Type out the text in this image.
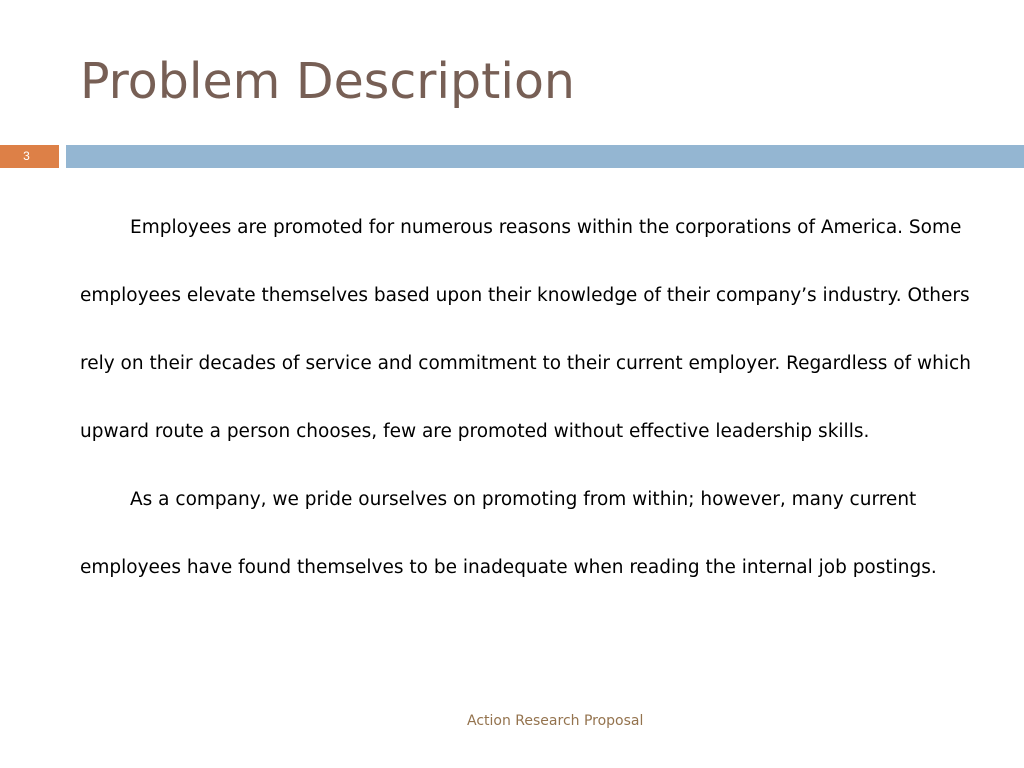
Problem Description
3

Employees are promoted for numerous reasons within the corporations of America. Some employees elevate themselves based upon their knowledge of their company’s industry. Others rely on their decades of service and commitment to their current employer. Regardless of which upward route a person chooses, few are promoted without effective leadership skills.

As a company, we pride ourselves on promoting from within; however, many current employees have found themselves to be inadequate when reading the internal job postings.

Action Research Proposal
